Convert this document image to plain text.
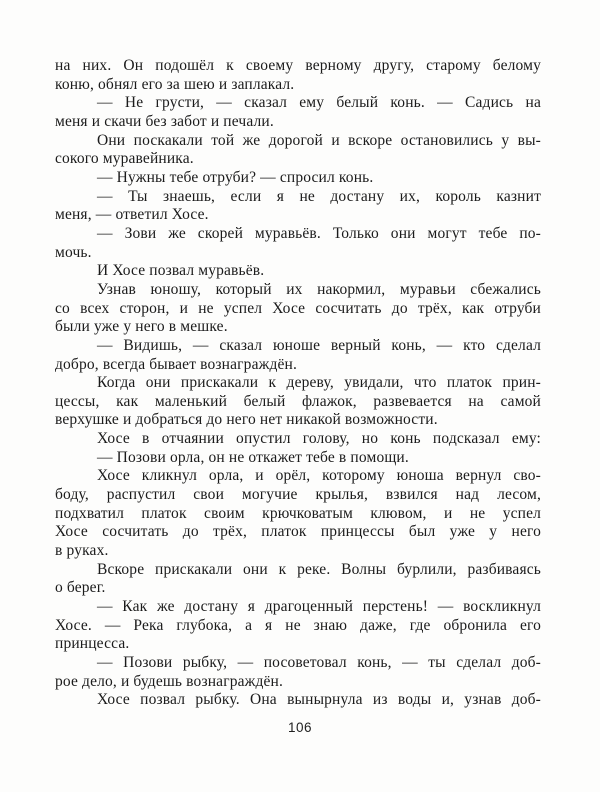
на них. Он подошёл к своему верному другу, старому белому
коню, обнял его за шею и заплакал.
— Не грусти, — сказал ему белый конь. — Садись на
меня и скачи без забот и печали.
Они поскакали той же дорогой и вскоре остановились у вы-
сокого муравейника.
— Нужны тебе отруби? — спросил конь.
— Ты знаешь, если я не достану их, король казнит
меня, — ответил Хосе.
— Зови же скорей муравьёв. Только они могут тебе по-
мочь.
И Хосе позвал муравьёв.
Узнав юношу, который их накормил, муравьи сбежались
со всех сторон, и не успел Хосе сосчитать до трёх, как отруби
были уже у него в мешке.
— Видишь, — сказал юноше верный конь, — кто сделал
добро, всегда бывает вознаграждён.
Когда они прискакали к дереву, увидали, что платок прин-
цессы, как маленький белый флажок, развевается на самой
верхушке и добраться до него нет никакой возможности.
Хосе в отчаянии опустил голову, но конь подсказал ему:
— Позови орла, он не откажет тебе в помощи.
Хосе кликнул орла, и орёл, которому юноша вернул сво-
боду, распустил свои могучие крылья, взвился над лесом,
подхватил платок своим крючковатым клювом, и не успел
Хосе сосчитать до трёх, платок принцессы был уже у него
в руках.
Вскоре прискакали они к реке. Волны бурлили, разбиваясь
о берег.
— Как же достану я драгоценный перстень! — воскликнул
Хосе. — Река глубока, а я не знаю даже, где обронила его
принцесса.
— Позови рыбку, — посоветовал конь, — ты сделал доб-
рое дело, и будешь вознаграждён.
Хосе позвал рыбку. Она вынырнула из воды и, узнав доб-
106
